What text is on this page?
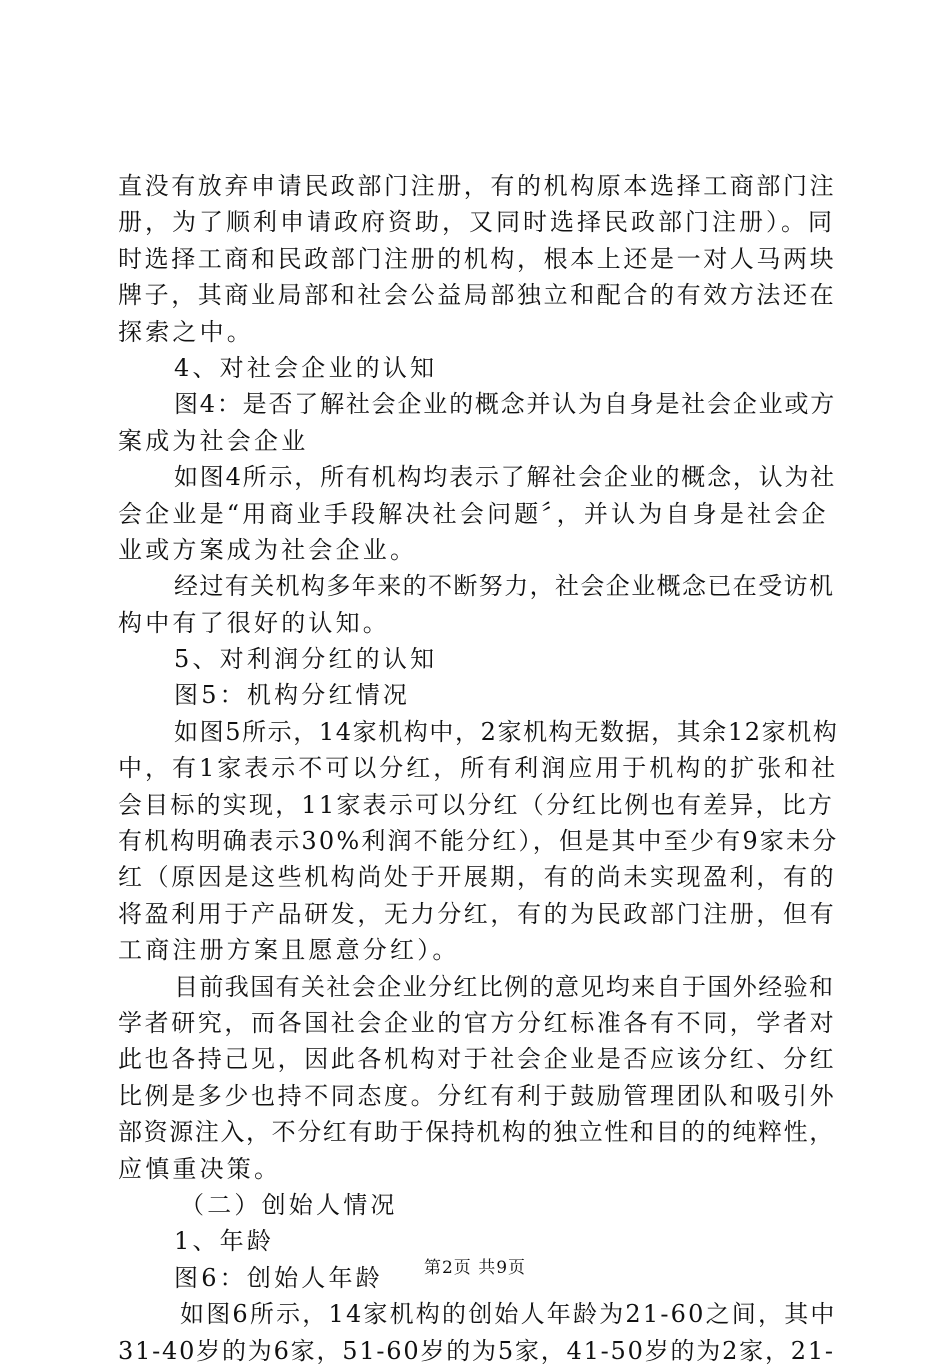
直没有放弃申请民政部门注册，有的机构原本选择工商部门注
册，为了顺利申请政府资助，又同时选择民政部门注册）。同
时选择工商和民政部门注册的机构，根本上还是一对人马两块
牌子，其商业局部和社会公益局部独立和配合的有效方法还在
探索之中。
4、对社会企业的认知
图4：是否了解社会企业的概念并认为自身是社会企业或方
案成为社会企业
如图4所示，所有机构均表示了解社会企业的概念，认为社
会企业是“用商业手段解决社会问题〞，并认为自身是社会企
业或方案成为社会企业。
经过有关机构多年来的不断努力，社会企业概念已在受访机
构中有了很好的认知。
5、对利润分红的认知
图5：机构分红情况
如图5所示，14家机构中，2家机构无数据，其余12家机构
中，有1家表示不可以分红，所有利润应用于机构的扩张和社
会目标的实现，11家表示可以分红（分红比例也有差异，比方
有机构明确表示30%利润不能分红），但是其中至少有9家未分
红（原因是这些机构尚处于开展期，有的尚未实现盈利，有的
将盈利用于产品研发，无力分红，有的为民政部门注册，但有
工商注册方案且愿意分红）。
目前我国有关社会企业分红比例的意见均来自于国外经验和
学者研究，而各国社会企业的官方分红标准各有不同，学者对
此也各持己见，因此各机构对于社会企业是否应该分红、分红
比例是多少也持不同态度。分红有利于鼓励管理团队和吸引外
部资源注入，不分红有助于保持机构的独立性和目的的纯粹性，
应慎重决策。
（二）创始人情况
1、年龄
图6：创始人年龄
如图6所示，14家机构的创始人年龄为21-60之间，其中
31-40岁的为6家，51-60岁的为5家，41-50岁的为2家，21-
第2页 共9页
